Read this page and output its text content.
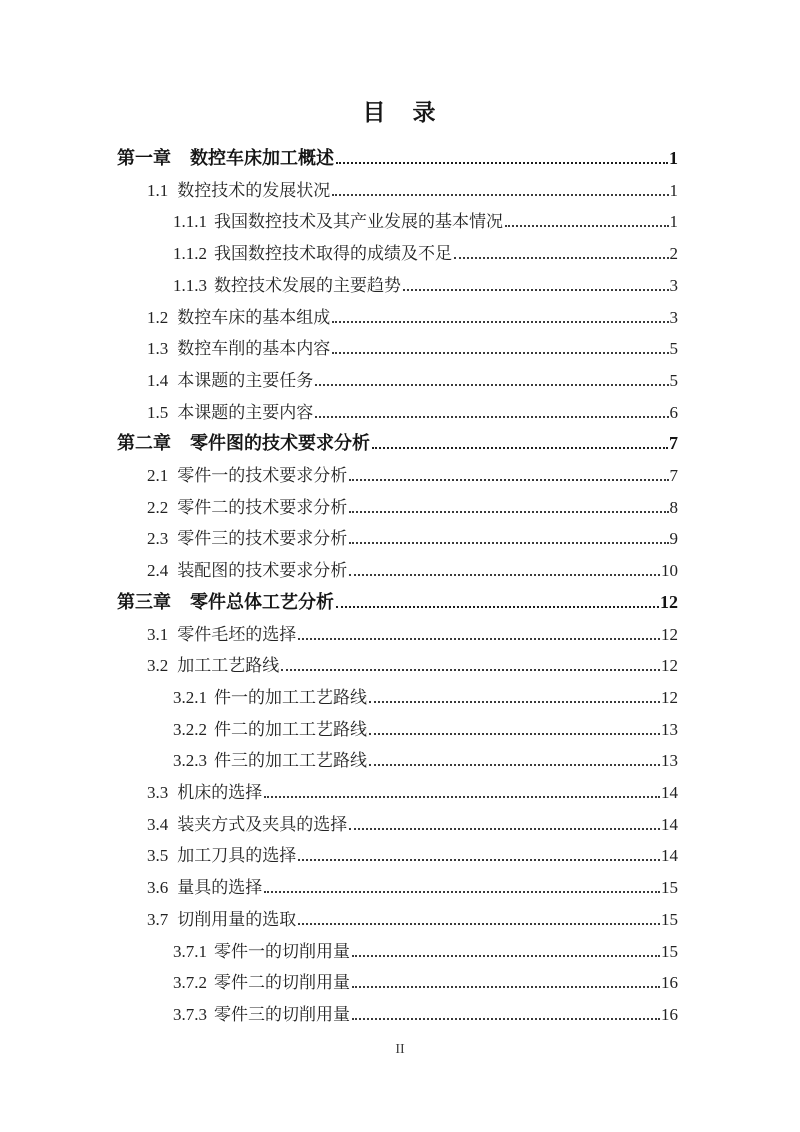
目　录
第一章 数控车床加工概述	1
1.1 数控技术的发展状况	1
1.1.1 我国数控技术及其产业发展的基本情况	1
1.1.2 我国数控技术取得的成绩及不足	2
1.1.3 数控技术发展的主要趋势	3
1.2 数控车床的基本组成	3
1.3 数控车削的基本内容	5
1.4 本课题的主要任务	5
1.5 本课题的主要内容	6
第二章 零件图的技术要求分析	7
2.1 零件一的技术要求分析	7
2.2 零件二的技术要求分析	8
2.3 零件三的技术要求分析	9
2.4 装配图的技术要求分析	10
第三章 零件总体工艺分析	12
3.1 零件毛坯的选择	12
3.2 加工工艺路线	12
3.2.1 件一的加工工艺路线	12
3.2.2 件二的加工工艺路线	13
3.2.3 件三的加工工艺路线	13
3.3 机床的选择	14
3.4 装夹方式及夹具的选择	14
3.5 加工刀具的选择	14
3.6 量具的选择	15
3.7 切削用量的选取	15
3.7.1 零件一的切削用量	15
3.7.2 零件二的切削用量	16
3.7.3 零件三的切削用量	16
II
